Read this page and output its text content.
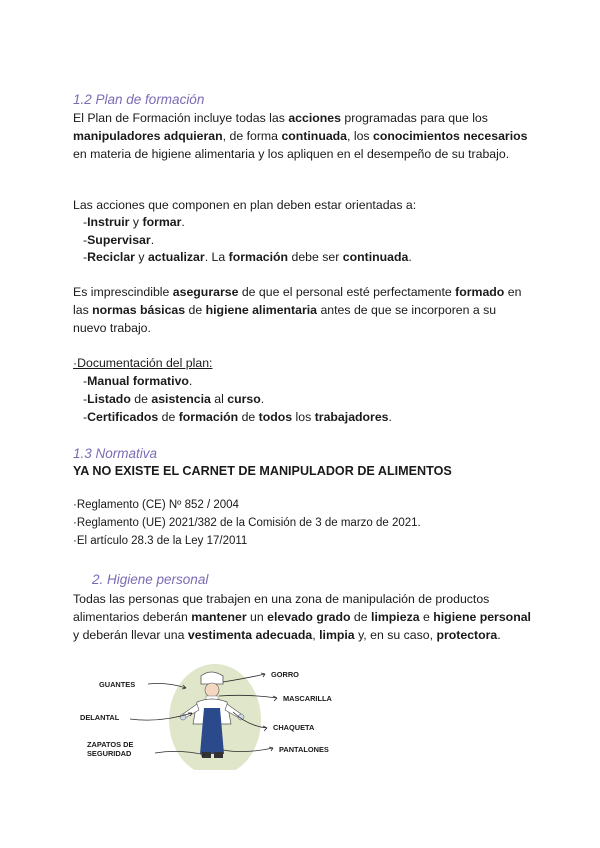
1.2 Plan de formación
El Plan de Formación incluye todas las acciones programadas para que los manipuladores adquieran, de forma continuada, los conocimientos necesarios en materia de higiene alimentaria y los apliquen en el desempeño de su trabajo.
Las acciones que componen en plan deben estar orientadas a:
-Instruir y formar.
-Supervisar.
-Reciclar y actualizar. La formación debe ser continuada.
Es imprescindible asegurarse de que el personal esté perfectamente formado en las normas básicas de higiene alimentaria antes de que se incorporen a su nuevo trabajo.
·Documentación del plan:
-Manual formativo.
-Listado de asistencia al curso.
-Certificados de formación de todos los trabajadores.
1.3 Normativa
YA NO EXISTE EL CARNET DE MANIPULADOR DE ALIMENTOS
·Reglamento (CE) Nº 852 / 2004
·Reglamento (UE) 2021/382 de la Comisión de 3 de marzo de 2021.
·El artículo 28.3 de la Ley 17/2011
2. Higiene personal
Todas las personas que trabajen en una zona de manipulación de productos alimentarios deberán mantener un elevado grado de limpieza e higiene personal y deberán llevar una vestimenta adecuada, limpia y, en su caso, protectora.
GUANTES
DELANTAL
ZAPATOS DE
SEGURIDAD
GORRO
MASCARILLA
CHAQUETA
PANTALONES
